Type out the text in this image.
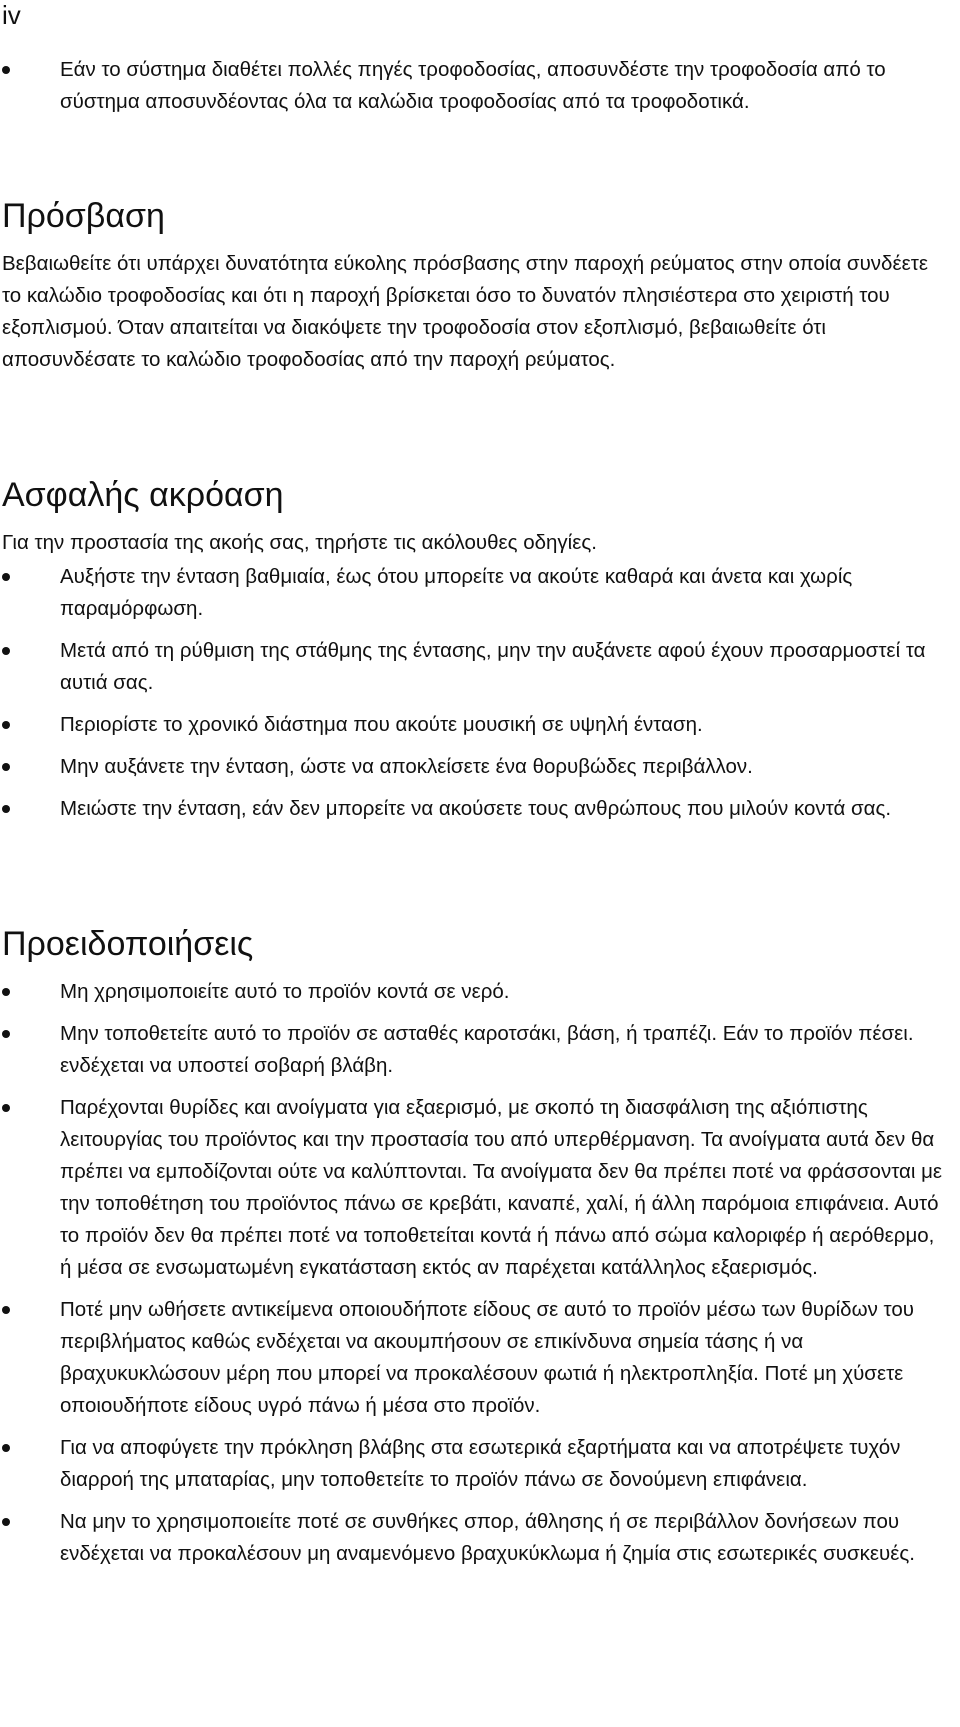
iv
Εάν το σύστημα διαθέτει πολλές πηγές τροφοδοσίας, αποσυνδέστε την τροφοδοσία από το σύστημα αποσυνδέοντας όλα τα καλώδια τροφοδοσίας από τα τροφοδοτικά.
Πρόσβαση

Βεβαιωθείτε ότι υπάρχει δυνατότητα εύκολης πρόσβασης στην παροχή ρεύματος στην οποία συνδέετε το καλώδιο τροφοδοσίας και ότι η παροχή βρίσκεται όσο το δυνατόν πλησιέστερα στο χειριστή του εξοπλισμού. Όταν απαιτείται να διακόψετε την τροφοδοσία στον εξοπλισμό, βεβαιωθείτε ότι αποσυνδέσατε το καλώδιο τροφοδοσίας από την παροχή ρεύματος.

Ασφαλής ακρόαση

Για την προστασία της ακοής σας, τηρήστε τις ακόλουθες οδηγίες.

Αυξήστε την ένταση βαθμιαία, έως ότου μπορείτε να ακούτε καθαρά και άνετα και χωρίς παραμόρφωση.
Μετά από τη ρύθμιση της στάθμης της έντασης, μην την αυξάνετε αφού έχουν προσαρμοστεί τα αυτιά σας.
Περιορίστε το χρονικό διάστημα που ακούτε μουσική σε υψηλή ένταση.
Μην αυξάνετε την ένταση, ώστε να αποκλείσετε ένα θορυβώδες περιβάλλον.
Μειώστε την ένταση, εάν δεν μπορείτε να ακούσετε τους ανθρώπους που μιλούν κοντά σας.
Προειδοποιήσεις
Μη χρησιμοποιείτε αυτό το προϊόν κοντά σε νερό.
Μην τοποθετείτε αυτό το προϊόν σε ασταθές καροτσάκι, βάση, ή τραπέζι. Εάν το προϊόν πέσει. ενδέχεται να υποστεί σοβαρή βλάβη.
Παρέχονται θυρίδες και ανοίγματα για εξαερισμό, με σκοπό τη διασφάλιση της αξιόπιστης λειτουργίας του προϊόντος και την προστασία του από υπερθέρμανση. Τα ανοίγματα αυτά δεν θα πρέπει να εμποδίζονται ούτε να καλύπτονται. Τα ανοίγματα δεν θα πρέπει ποτέ να φράσσονται με την τοποθέτηση του προϊόντος πάνω σε κρεβάτι, καναπέ, χαλί, ή άλλη παρόμοια επιφάνεια. Αυτό το προϊόν δεν θα πρέπει ποτέ να τοποθετείται κοντά ή πάνω από σώμα καλοριφέρ ή αερόθερμο, ή μέσα σε ενσωματωμένη εγκατάσταση εκτός αν παρέχεται κατάλληλος εξαερισμός.
Ποτέ μην ωθήσετε αντικείμενα οποιουδήποτε είδους σε αυτό το προϊόν μέσω των θυρίδων του περιβλήματος καθώς ενδέχεται να ακουμπήσουν σε επικίνδυνα σημεία τάσης ή να βραχυκυκλώσουν μέρη που μπορεί να προκαλέσουν φωτιά ή ηλεκτροπληξία. Ποτέ μη χύσετε οποιουδήποτε είδους υγρό πάνω ή μέσα στο προϊόν.
Για να αποφύγετε την πρόκληση βλάβης στα εσωτερικά εξαρτήματα και να αποτρέψετε τυχόν διαρροή της μπαταρίας, μην τοποθετείτε το προϊόν πάνω σε δονούμενη επιφάνεια.
Να μην το χρησιμοποιείτε ποτέ σε συνθήκες σπορ, άθλησης ή σε περιβάλλον δονήσεων που ενδέχεται να προκαλέσουν μη αναμενόμενο βραχυκύκλωμα ή ζημία στις εσωτερικές συσκευές.
